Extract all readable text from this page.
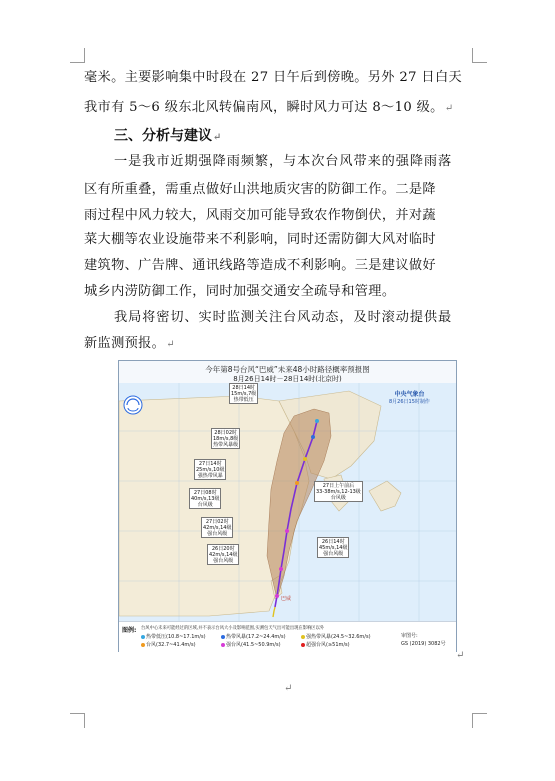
毫米。主要影响集中时段在 27 日午后到傍晚。另外 27 日白天
我市有 5～6 级东北风转偏南风，瞬时风力可达 8～10 级。↵
三、分析与建议↵
一是我市近期强降雨频繁，与本次台风带来的强降雨落
区有所重叠，需重点做好山洪地质灾害的防御工作。二是降
雨过程中风力较大，风雨交加可能导致农作物倒伏，并对蔬
菜大棚等农业设施带来不利影响，同时还需防御大风对临时
建筑物、广告牌、通讯线路等造成不利影响。三是建议做好
城乡内涝防御工作，同时加强交通安全疏导和管理。
我局将密切、实时监测关注台风动态，及时滚动提供最
新监测预报。↵
今年第8号台风“巴威”未来48小时路径概率预报图
8月26日14时－28日14时(北京时)
中央气象台
8月26日15时制作
28日14时
15m/s,7级
热带低压
28日02时
18m/s,8级
热带风暴级
27日14时
25m/s,10级
强热带风暴
27日08时
40m/s,13级
台风级
27日上午前后
33-38m/s,12-13级
台风级
27日02时
42m/s,14级
强台风级
26日20时
42m/s,14级
强台风级
26日14时
45m/s,14级
强台风级
巴威
图例: 台风中心未来可能经过的区域,并不表示台风大小及影响范围,实测包天气出可能出现在影响区以外
热带低压(10.8~17.1m/s)	热带风暴(17.2~24.4m/s)	强热带风暴(24.5~32.6m/s)
台风(32.7~41.4m/s)	强台风(41.5~50.9m/s)	超强台风(≥51m/s)
审图号:
GS (2019) 3082号
↵
↵
